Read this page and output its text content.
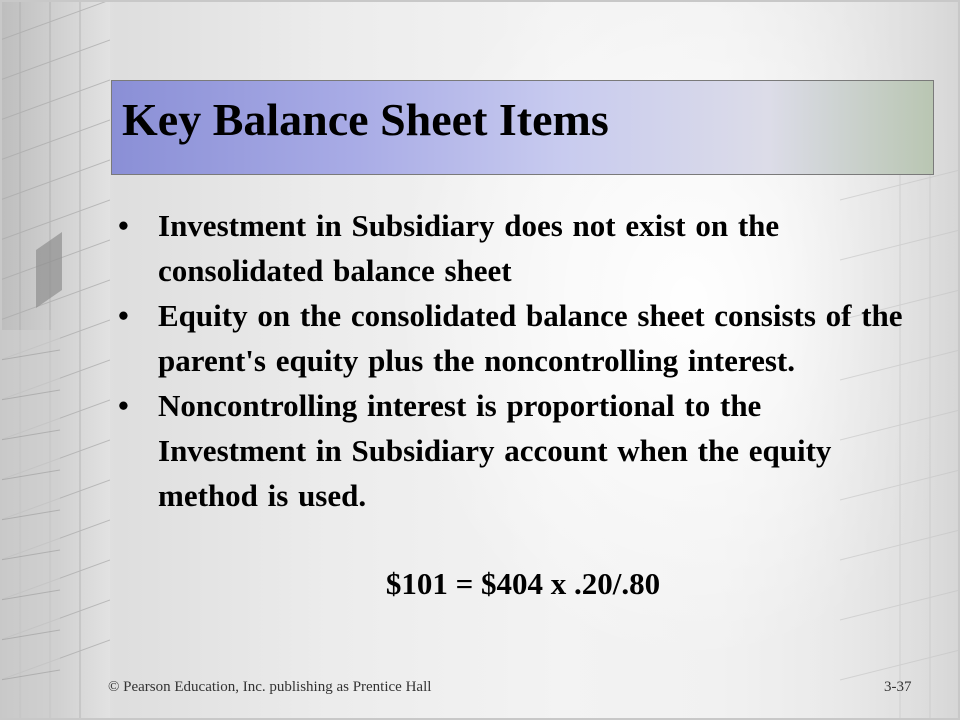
Key Balance Sheet Items
• Investment in Subsidiary does not exist on the consolidated balance sheet
• Equity on the consolidated balance sheet consists of the parent's equity plus the noncontrolling interest.
• Noncontrolling interest is proportional to the Investment in Subsidiary account when the equity method is used.
$101 = $404 x .20/.80
© Pearson Education, Inc. publishing as Prentice Hall	3-37
